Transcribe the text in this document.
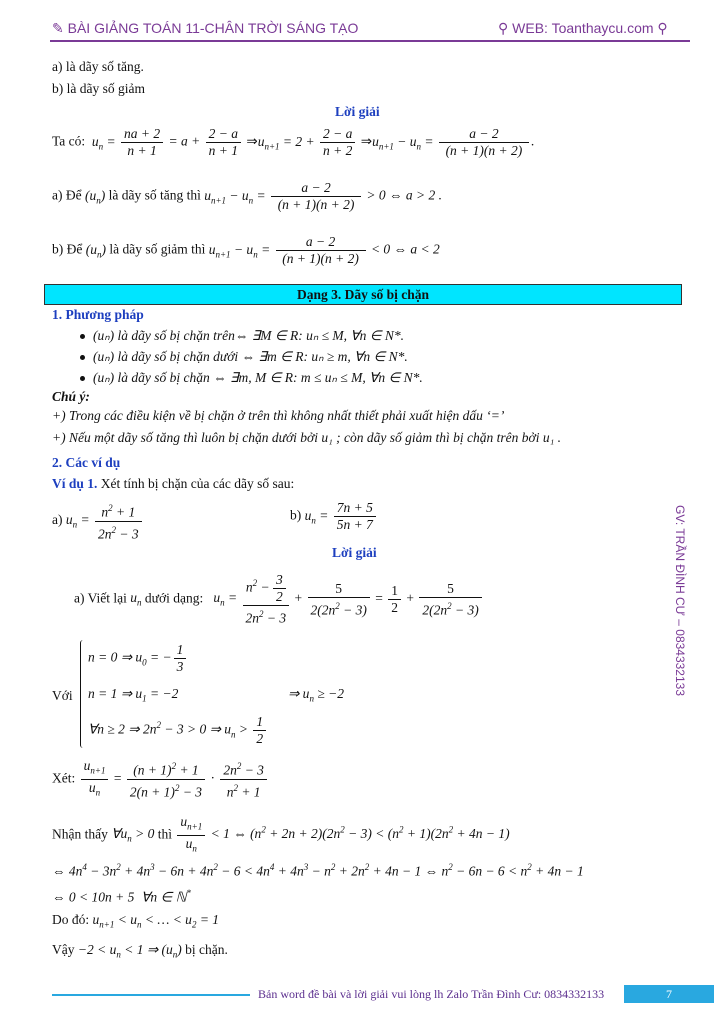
✎ BÀI GIẢNG TOÁN 11-CHÂN TRỜI SÁNG TẠO	⚲ WEB: Toanthaycu.com ⚲
GV: TRẦN ĐÌNH CƯ – 0834332133
a) là dãy số tăng.
b) là dãy số giảm
Lời giải
Ta có:  $u_n = \frac{na + 2}{n + 1} = a + \frac{2 - a}{n + 1}$ $\Rightarrow u_{n+1} = 2 + \frac{2 - a}{n + 2}$ $\Rightarrow u_{n+1} - u_n = \frac{a - 2}{(n + 1)(n + 2)}$ .
a) Để $(u_n)$ là dãy số tăng thì $u_{n+1} - u_n = \frac{a - 2}{(n + 1)(n + 2)} > 0$ ⇔ a > 2 .
b) Để $(u_n)$ là dãy số giảm thì $u_{n+1} - u_n = \frac{a - 2}{(n + 1)(n + 2)} < 0$ ⇔ a < 2
Dạng 3. Dãy số bị chặn
1. Phương pháp
(uₙ) là dãy số bị chặn trên⇔ ∃M ∈ R: uₙ ≤ M, ∀n ∈ N*.
(uₙ) là dãy số bị chặn dưới ⇔ ∃m ∈ R: uₙ ≥ m, ∀n ∈ N*.
(uₙ) là dãy số bị chặn ⇔ ∃m, M ∈ R: m ≤ uₙ ≤ M, ∀n ∈ N*.
Chú ý:
+) Trong các điều kiện về bị chặn ở trên thì không nhất thiết phải xuất hiện dấu ‘=’
+) Nếu một dãy số tăng thì luôn bị chặn dưới bởi u₁ ; còn dãy số giảm thì bị chặn trên bởi u₁ .
2. Các ví dụ
Ví dụ 1. Xét tính bị chặn của các dãy số sau:
a) $u_n = \frac{n^2 + 1}{2n^2 - 3}$	b) $u_n = \frac{7n + 5}{5n + 7}$
Lời giải
a) Viết lại $u_n$ dưới dạng:   $u_n = \frac{n^2 - \frac{3}{2}}{2n^2 - 3} + \frac{5}{2(2n^2 - 3)} = \frac{1}{2} + \frac{5}{2(2n^2 - 3)}$
Với
n = 0 ⇒ $u_0$ = − $\frac{1}{3}$
n = 1 ⇒ $u_1 = -2$
∀n ≥ 2 ⇒ $2n^2 - 3 > 0$ ⇒ $u_n > \frac{1}{2}$
⇒ $u_n \ge -2$
Xét: $\frac{u_{n+1}}{u_n} = \frac{(n + 1)^2 + 1}{2(n + 1)^2 - 3} \cdot \frac{2n^2 - 3}{n^2 + 1}$
Nhận thấy $\forall u_n > 0$ thì $\frac{u_{n+1}}{u_n} < 1$ ⇔ $(n^2 + 2n + 2)(2n^2 - 3) < (n^2 + 1)(2n^2 + 4n - 1)$
⇔ $4n^4 - 3n^2 + 4n^3 - 6n + 4n^2 - 6 < 4n^4 + 4n^3 - n^2 + 2n^2 + 4n - 1$ ⇔ $n^2 - 6n - 6 < n^2 + 4n - 1$
⇔ 0 < 10n + 5  ∀n ∈ ℕ*
Do đó: $u_{n+1} < u_n$ < … < $u_2 = 1$
Vậy $-2 < u_n < 1$ ⇒ $(u_n)$ bị chặn.
Bản word đề bài và lời giải vui lòng lh Zalo Trần Đình Cư: 0834332133	7
